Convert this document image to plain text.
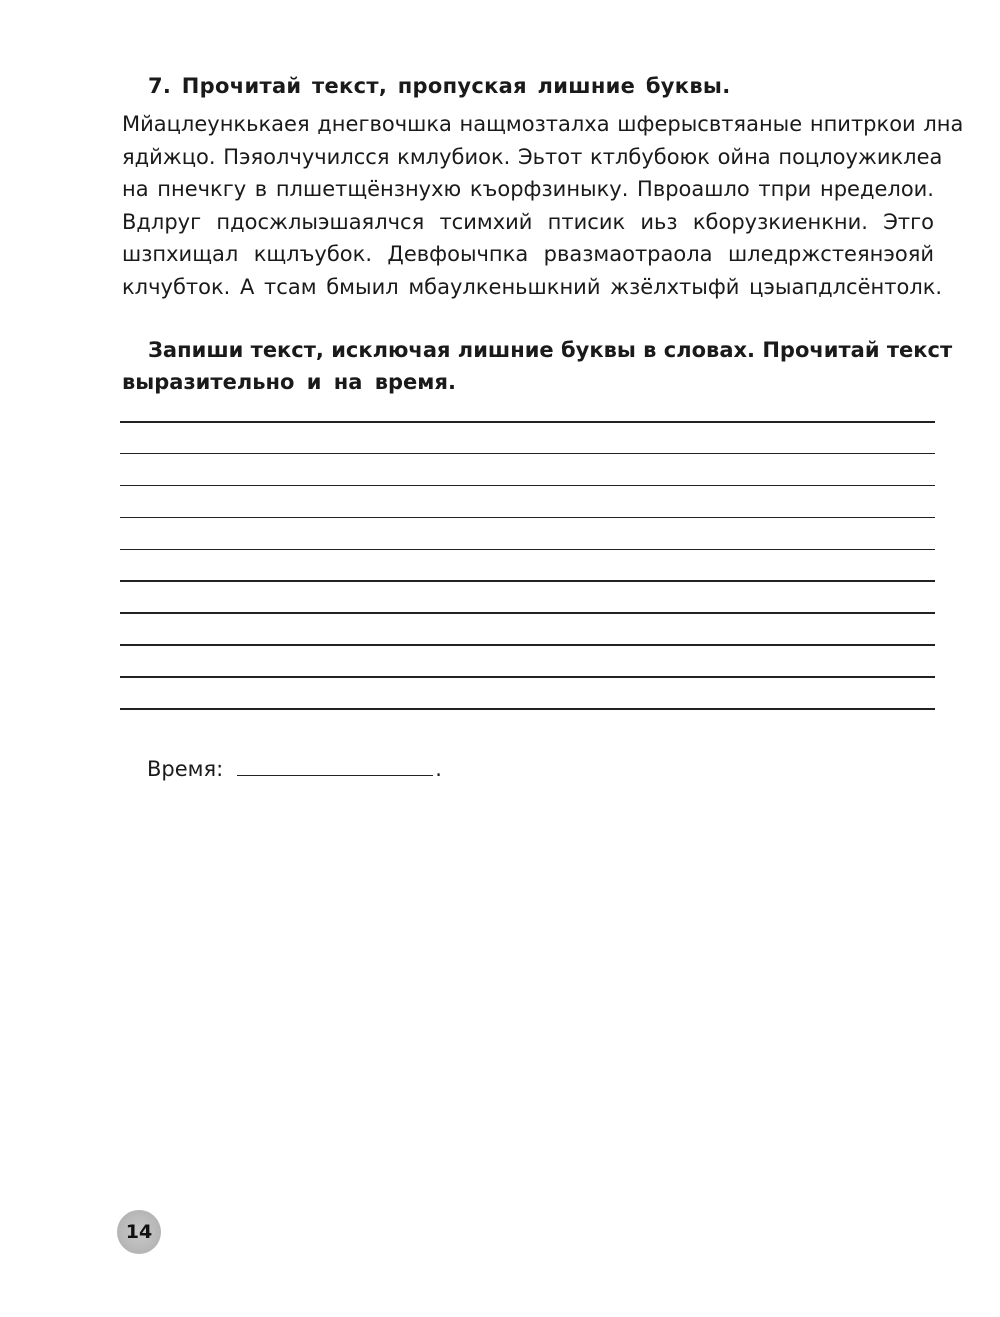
7. Прочитай текст, пропуская лишние буквы.
Мйацлеункькаея днегвочшка нащмозталха шферысвтяаные нпитркои лна
ядйжцо. Пэяолчучилсся кмлубиок. Эьтот ктлбубоюк ойна поцлоужиклеа
на пнечкгу в плшетщёнзнухю къорфзиныку. Пвроашло тпри нределои.
Вдлруг пдосжлыэшаялчся тсимхий птисик иьз кборузкиенкни. Этго
шзпхищал кщлъубок. Девфоычпка рвазмаотраола шледржстеянэояй
клчубток. А тсам бмыил мбаулкеньшкний жзёлхтыфй цэыапдлсёнтолк.
Запиши текст, исключая лишние буквы в словах. Прочитай текст
выразительно и на время.
Время:	.
14
